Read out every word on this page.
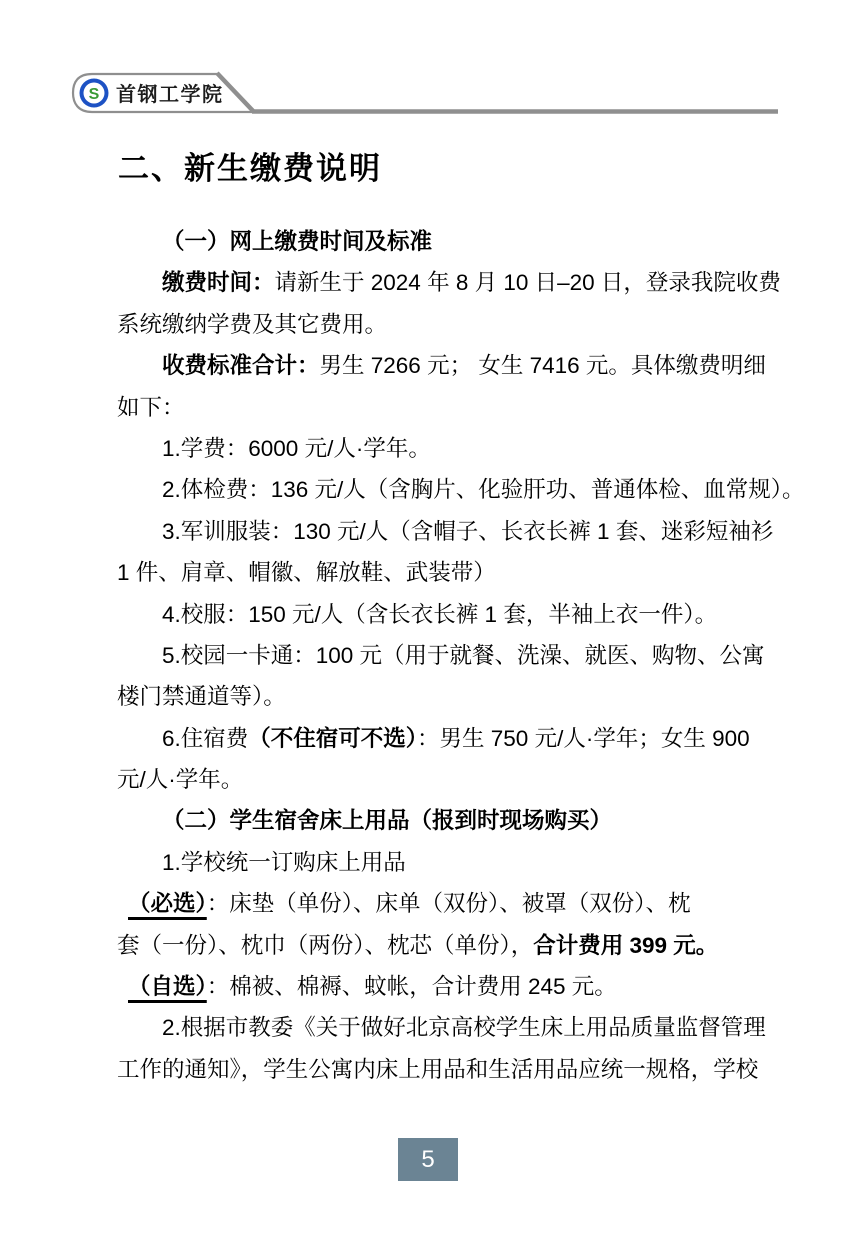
S 首钢工学院
二、新生缴费说明
（一）网上缴费时间及标准
缴费时间：请新生于 2024 年 8 月 10 日–20 日，登录我院收费
系统缴纳学费及其它费用。
收费标准合计：男生 7266 元； 女生 7416 元。具体缴费明细
如下：
1.学费：6000 元/人·学年。
2.体检费：136 元/人（含胸片、化验肝功、普通体检、血常规）。
3.军训服装：130 元/人（含帽子、长衣长裤 1 套、迷彩短袖衫
1 件、肩章、帽徽、解放鞋、武装带）
4.校服：150 元/人（含长衣长裤 1 套，半袖上衣一件）。
5.校园一卡通：100 元（用于就餐、洗澡、就医、购物、公寓
楼门禁通道等）。
6.住宿费（不住宿可不选）：男生 750 元/人·学年；女生 900
元/人·学年。
（二）学生宿舍床上用品（报到时现场购买）
1.学校统一订购床上用品
（必选）：床垫（单份）、床单（双份）、被罩（双份）、枕
套（一份）、枕巾（两份）、枕芯（单份），合计费用 399 元。
（自选）：棉被、棉褥、蚊帐，合计费用 245 元。
2.根据市教委《关于做好北京高校学生床上用品质量监督管理
工作的通知》，学生公寓内床上用品和生活用品应统一规格，学校
5
